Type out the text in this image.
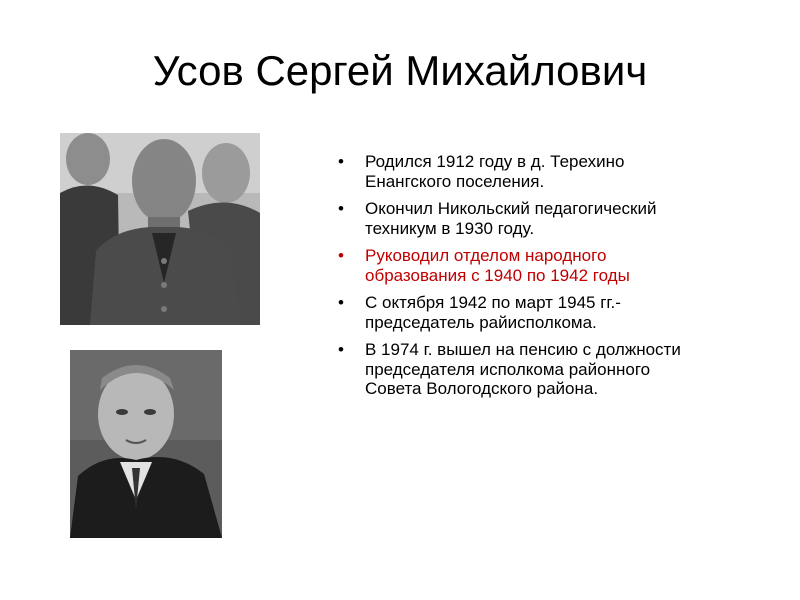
Усов Сергей Михайлович
• Родился 1912 году в д. Терехино Енангского поселения.
• Окончил Никольский педагогический техникум в 1930 году.
• Руководил отделом народного образования с 1940 по 1942 годы
• С октября 1942 по март 1945 гг.- председатель райисполкома.
• В 1974 г. вышел на пенсию с должности председателя исполкома районного Совета Вологодского района.
